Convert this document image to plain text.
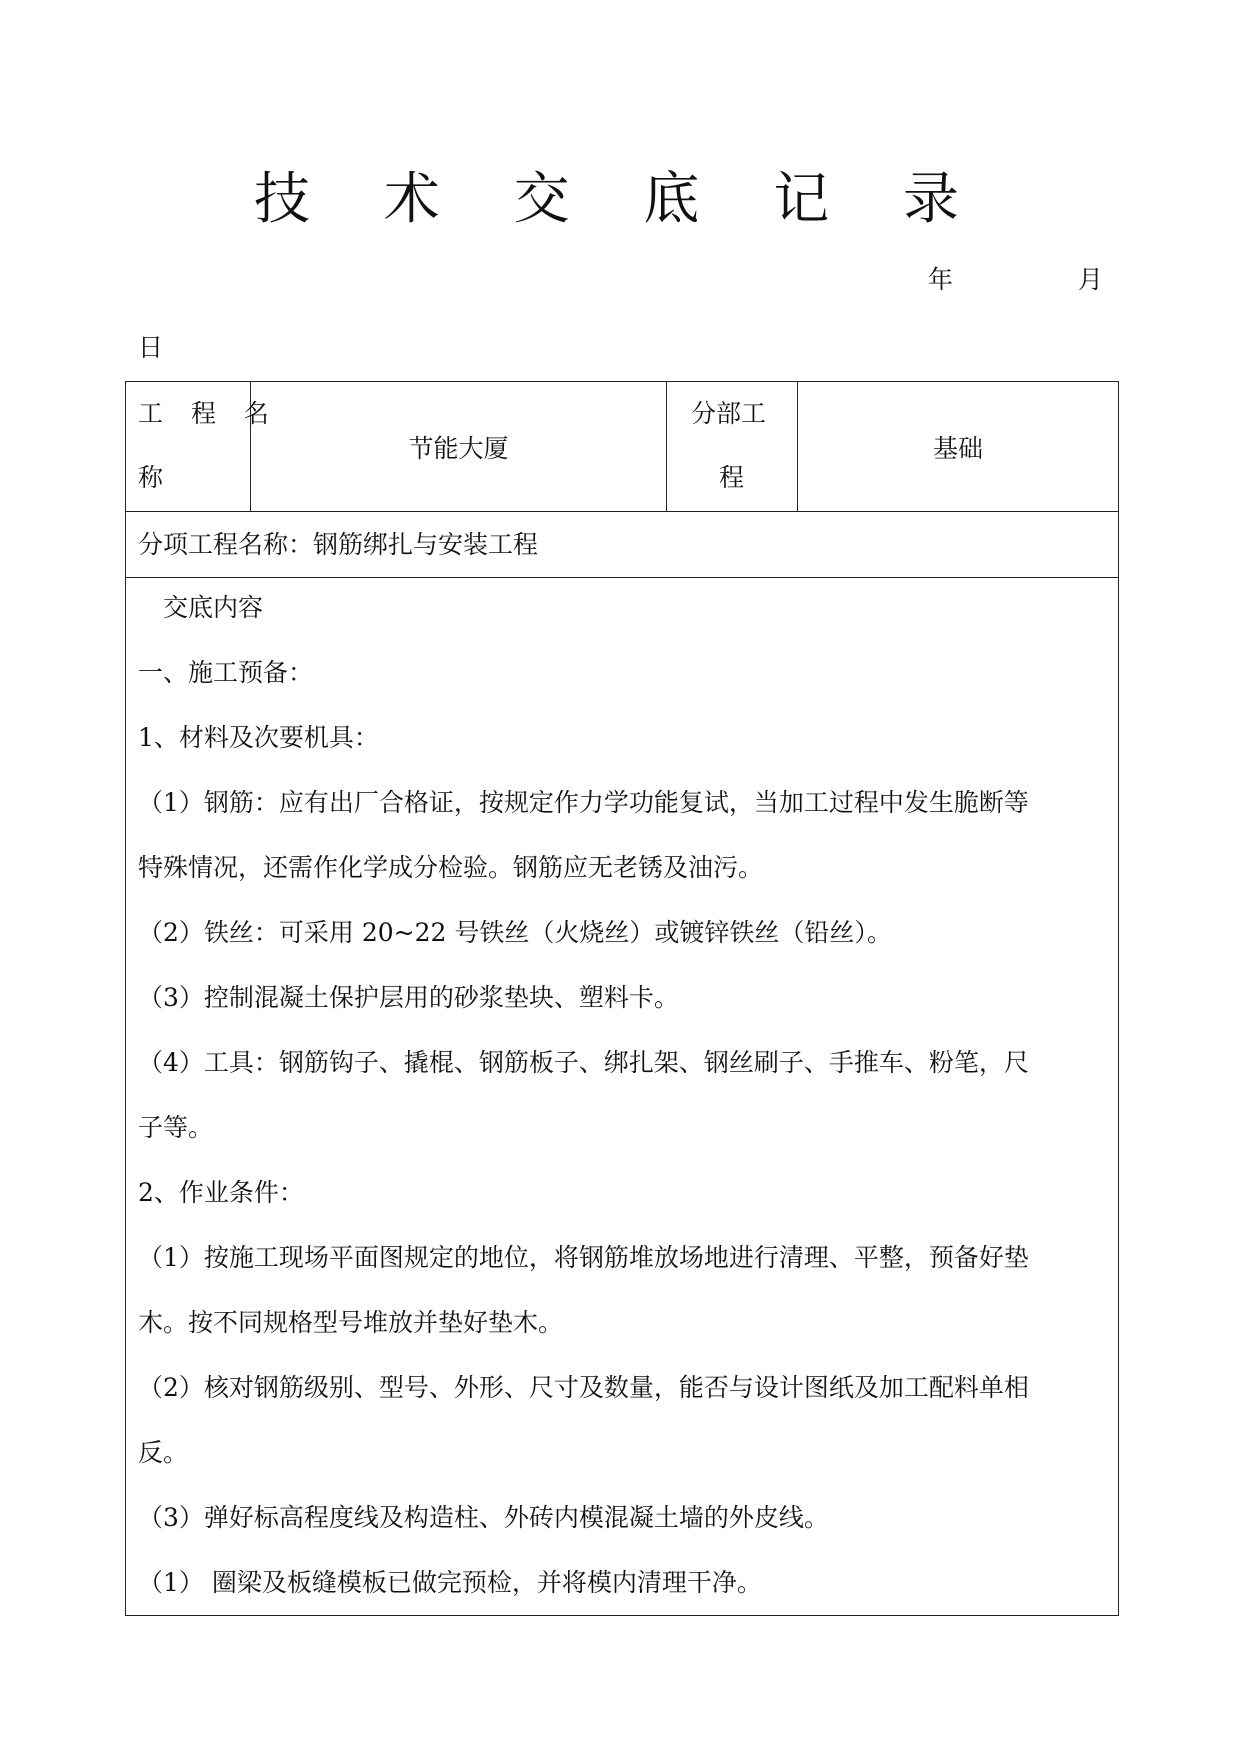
技 术 交 底 记 录
年	月
日
工 程 名
称
节能大厦
分部工
程
基础
分项工程名称：钢筋绑扎与安装工程
　交底内容
一、施工预备：
1、材料及次要机具：
（1）钢筋：应有出厂合格证，按规定作力学功能复试，当加工过程中发生脆断等
特殊情况，还需作化学成分检验。钢筋应无老锈及油污。
（2）铁丝：可采用 20~22 号铁丝（火烧丝）或镀锌铁丝（铅丝）。
（3）控制混凝土保护层用的砂浆垫块、塑料卡。
（4）工具：钢筋钩子、撬棍、钢筋板子、绑扎架、钢丝刷子、手推车、粉笔，尺
子等。
2、作业条件：
（1）按施工现场平面图规定的地位，将钢筋堆放场地进行清理、平整，预备好垫
木。按不同规格型号堆放并垫好垫木。
（2）核对钢筋级别、型号、外形、尺寸及数量，能否与设计图纸及加工配料单相
反。
（3）弹好标高程度线及构造柱、外砖内模混凝土墙的外皮线。
（1） 圈梁及板缝模板已做完预检，并将模内清理干净。
